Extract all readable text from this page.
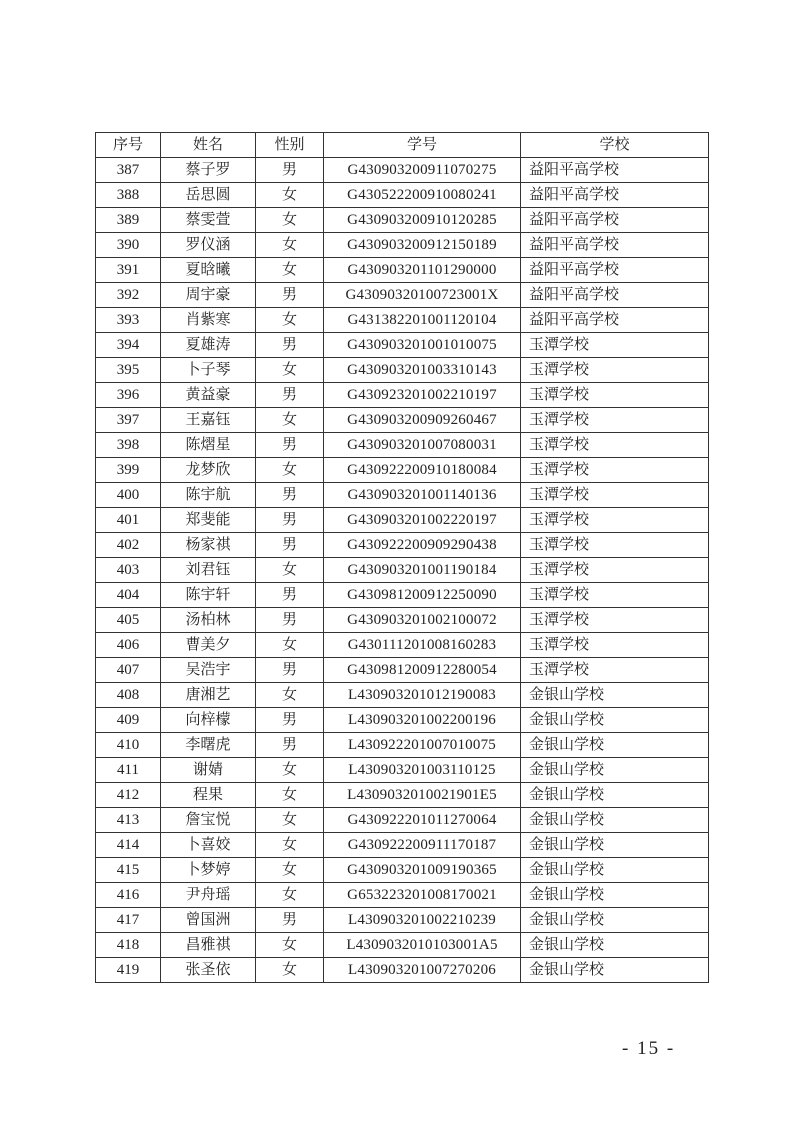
序号	姓名	性别	学号	学校
387	蔡子罗	男	G430903200911070275	益阳平高学校
388	岳思圆	女	G430522200910080241	益阳平高学校
389	蔡雯萱	女	G430903200910120285	益阳平高学校
390	罗仪涵	女	G430903200912150189	益阳平高学校
391	夏晗曦	女	G430903201101290000	益阳平高学校
392	周宇豪	男	G43090320100723001X	益阳平高学校
393	肖紫寒	女	G431382201001120104	益阳平高学校
394	夏雄涛	男	G430903201001010075	玉潭学校
395	卜子琴	女	G430903201003310143	玉潭学校
396	黄益豪	男	G430923201002210197	玉潭学校
397	王嘉钰	女	G430903200909260467	玉潭学校
398	陈熠星	男	G430903201007080031	玉潭学校
399	龙梦欣	女	G430922200910180084	玉潭学校
400	陈宇航	男	G430903201001140136	玉潭学校
401	郑斐能	男	G430903201002220197	玉潭学校
402	杨家祺	男	G430922200909290438	玉潭学校
403	刘君钰	女	G430903201001190184	玉潭学校
404	陈宇轩	男	G430981200912250090	玉潭学校
405	汤柏林	男	G430903201002100072	玉潭学校
406	曹美夕	女	G430111201008160283	玉潭学校
407	吴浩宇	男	G430981200912280054	玉潭学校
408	唐湘艺	女	L430903201012190083	金银山学校
409	向梓檬	男	L430903201002200196	金银山学校
410	李曙虎	男	L430922201007010075	金银山学校
411	谢婧	女	L430903201003110125	金银山学校
412	程果	女	L4309032010021901E5	金银山学校
413	詹宝悦	女	G430922201011270064	金银山学校
414	卜喜姣	女	G430922200911170187	金银山学校
415	卜梦婷	女	G430903201009190365	金银山学校
416	尹舟瑶	女	G653223201008170021	金银山学校
417	曾国洲	男	L430903201002210239	金银山学校
418	昌雅祺	女	L4309032010103001A5	金银山学校
419	张圣依	女	L430903201007270206	金银山学校
- 15 -
